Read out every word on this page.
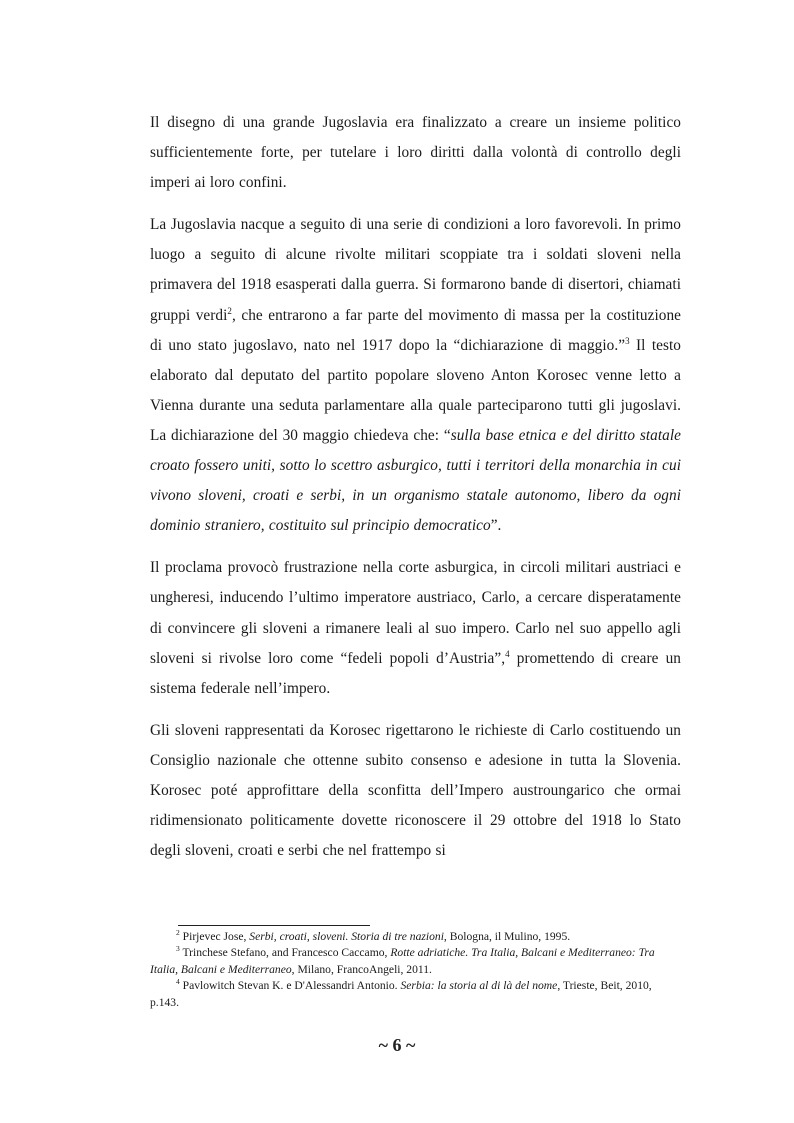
Il disegno di una grande Jugoslavia era finalizzato a creare un insieme politico sufficientemente forte, per tutelare i loro diritti dalla volontà di controllo degli imperi ai loro confini.

La Jugoslavia nacque a seguito di una serie di condizioni a loro favorevoli. In primo luogo a seguito di alcune rivolte militari scoppiate tra i soldati sloveni nella primavera del 1918 esasperati dalla guerra. Si formarono bande di disertori, chiamati gruppi verdi$^2$, che entrarono a far parte del movimento di massa per la costituzione di uno stato jugoslavo, nato nel 1917 dopo la “dichiarazione di maggio.”$^3$ Il testo elaborato dal deputato del partito popolare sloveno Anton Korosec venne letto a Vienna durante una seduta parlamentare alla quale parteciparono tutti gli jugoslavi. La dichiarazione del 30 maggio chiedeva che: “sulla base etnica e del diritto statale croato fossero uniti, sotto lo scettro asburgico, tutti i territori della monarchia in cui vivono sloveni, croati e serbi, in un organismo statale autonomo, libero da ogni dominio straniero, costituito sul principio democratico”.

Il proclama provocò frustrazione nella corte asburgica, in circoli militari austriaci e ungheresi, inducendo l’ultimo imperatore austriaco, Carlo, a cercare disperatamente di convincere gli sloveni a rimanere leali al suo impero. Carlo nel suo appello agli sloveni si rivolse loro come “fedeli popoli d’Austria”,$^4$ promettendo di creare un sistema federale nell’impero.

Gli sloveni rappresentati da Korosec rigettarono le richieste di Carlo costituendo un Consiglio nazionale che ottenne subito consenso e adesione in tutta la Slovenia. Korosec poté approfittare della sconfitta dell’Impero austroungarico che ormai ridimensionato politicamente dovette riconoscere il 29 ottobre del 1918 lo Stato degli sloveni, croati e serbi che nel frattempo si

$^2$ Pirjevec Jose, Serbi, croati, sloveni. Storia di tre nazioni, Bologna, il Mulino, 1995.

$^3$ Trinchese Stefano, and Francesco Caccamo, Rotte adriatiche. Tra Italia, Balcani e Mediterraneo: Tra Italia, Balcani e Mediterraneo, Milano, FrancoAngeli, 2011.

$^4$ Pavlowitch Stevan K. e D'Alessandri Antonio. Serbia: la storia al di là del nome, Trieste, Beit, 2010, p.143.

~ 6 ~
